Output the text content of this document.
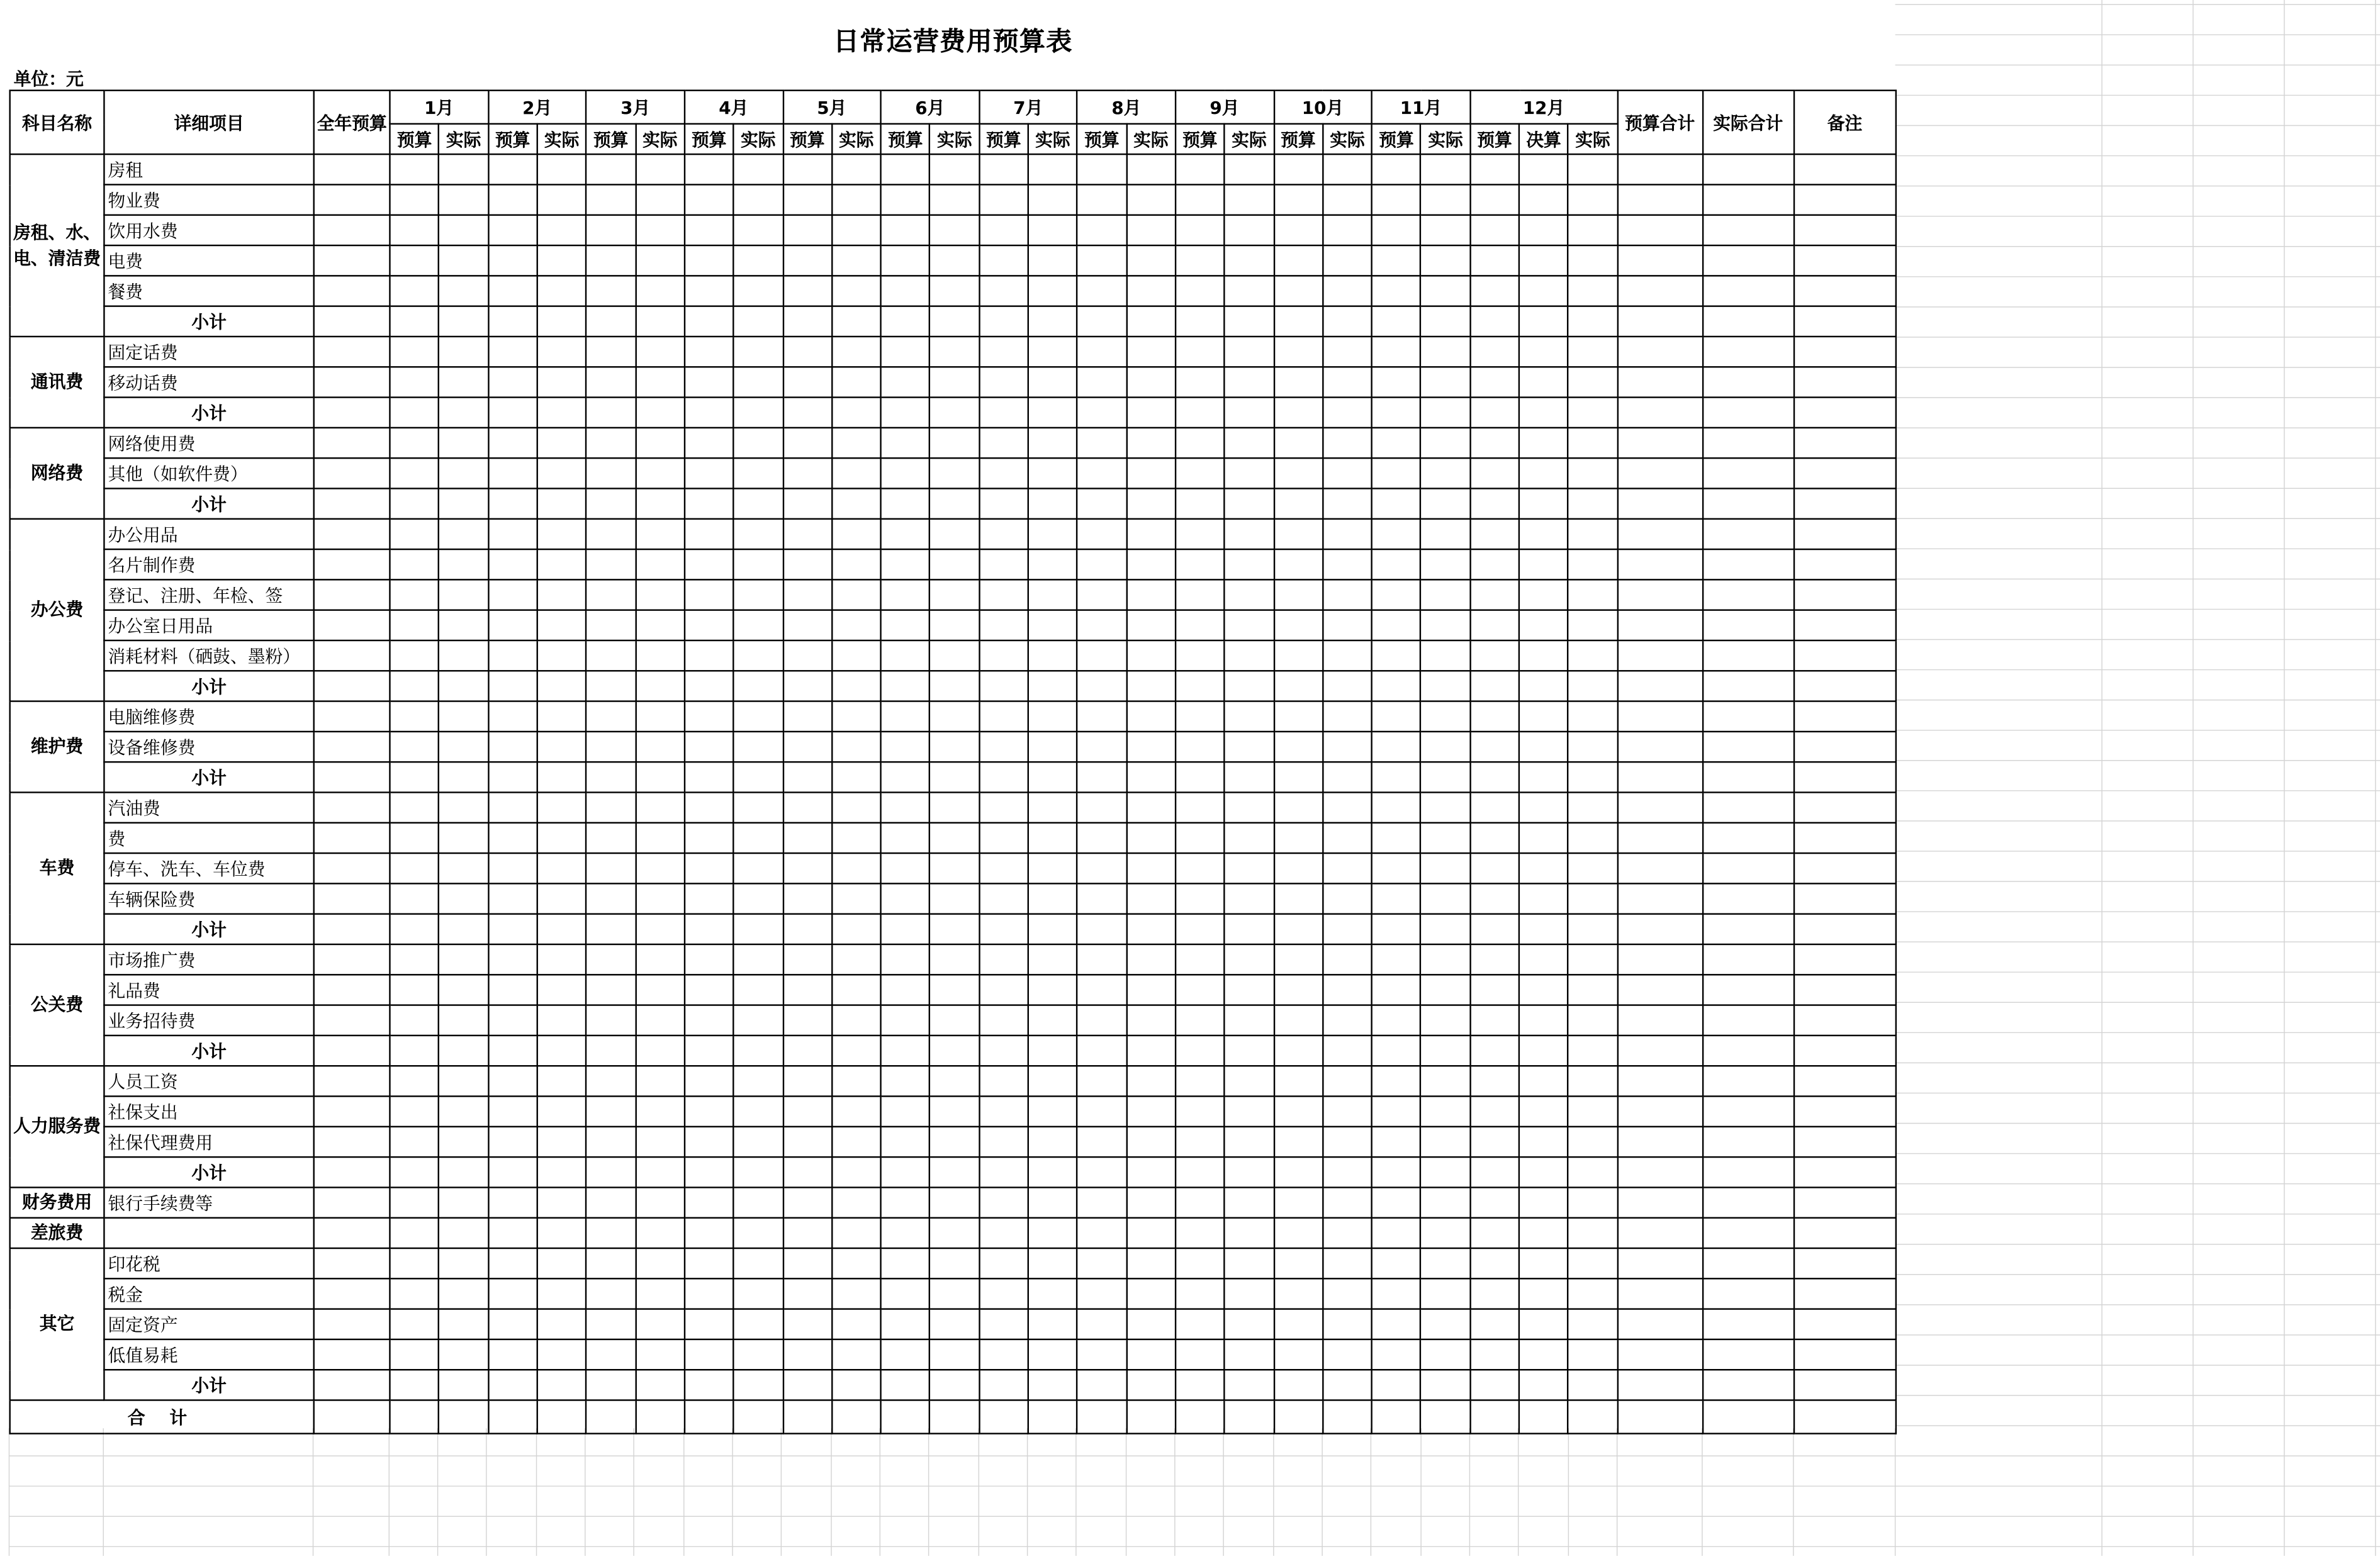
日常运营费用预算表
单位：元
科目名称	详细项目	全年预算	1月		2月		3月		4月		5月		6月		7月		8月		9月		10月		11月		12月			预算合计	实际合计	备注
			预算	实际	预算	实际	预算	实际	预算	实际	预算	实际	预算	实际	预算	实际	预算	实际	预算	实际	预算	实际	预算	实际	预算	决算	实际			
房租、水、电、清洁费	房租																													
	物业费																													
	饮用水费																													
	电费																													
	餐费																													
	小计																													
通讯费	固定话费																													
	移动话费																													
	小计																													
网络费	网络使用费																													
	其他（如软件费）																													
	小计																													
办公费	办公用品																													
	名片制作费																													
	登记、注册、年检、签																													
	办公室日用品																													
	消耗材料（硒鼓、墨粉）																													
	小计																													
维护费	电脑维修费																													
	设备维修费																													
	小计																													
车费	汽油费																													
	费																													
	停车、洗车、车位费																													
	车辆保险费																													
	小计																													
公关费	市场推广费																													
	礼品费																													
	业务招待费																													
	小计																													
人力服务费	人员工资																													
	社保支出																													
	社保代理费用																													
	小计																													
财务费用	银行手续费等																													
差旅费																														
其它	印花税																													
	税金																													
	固定资产																													
	低值易耗																													
	小计																													
合 计																														
